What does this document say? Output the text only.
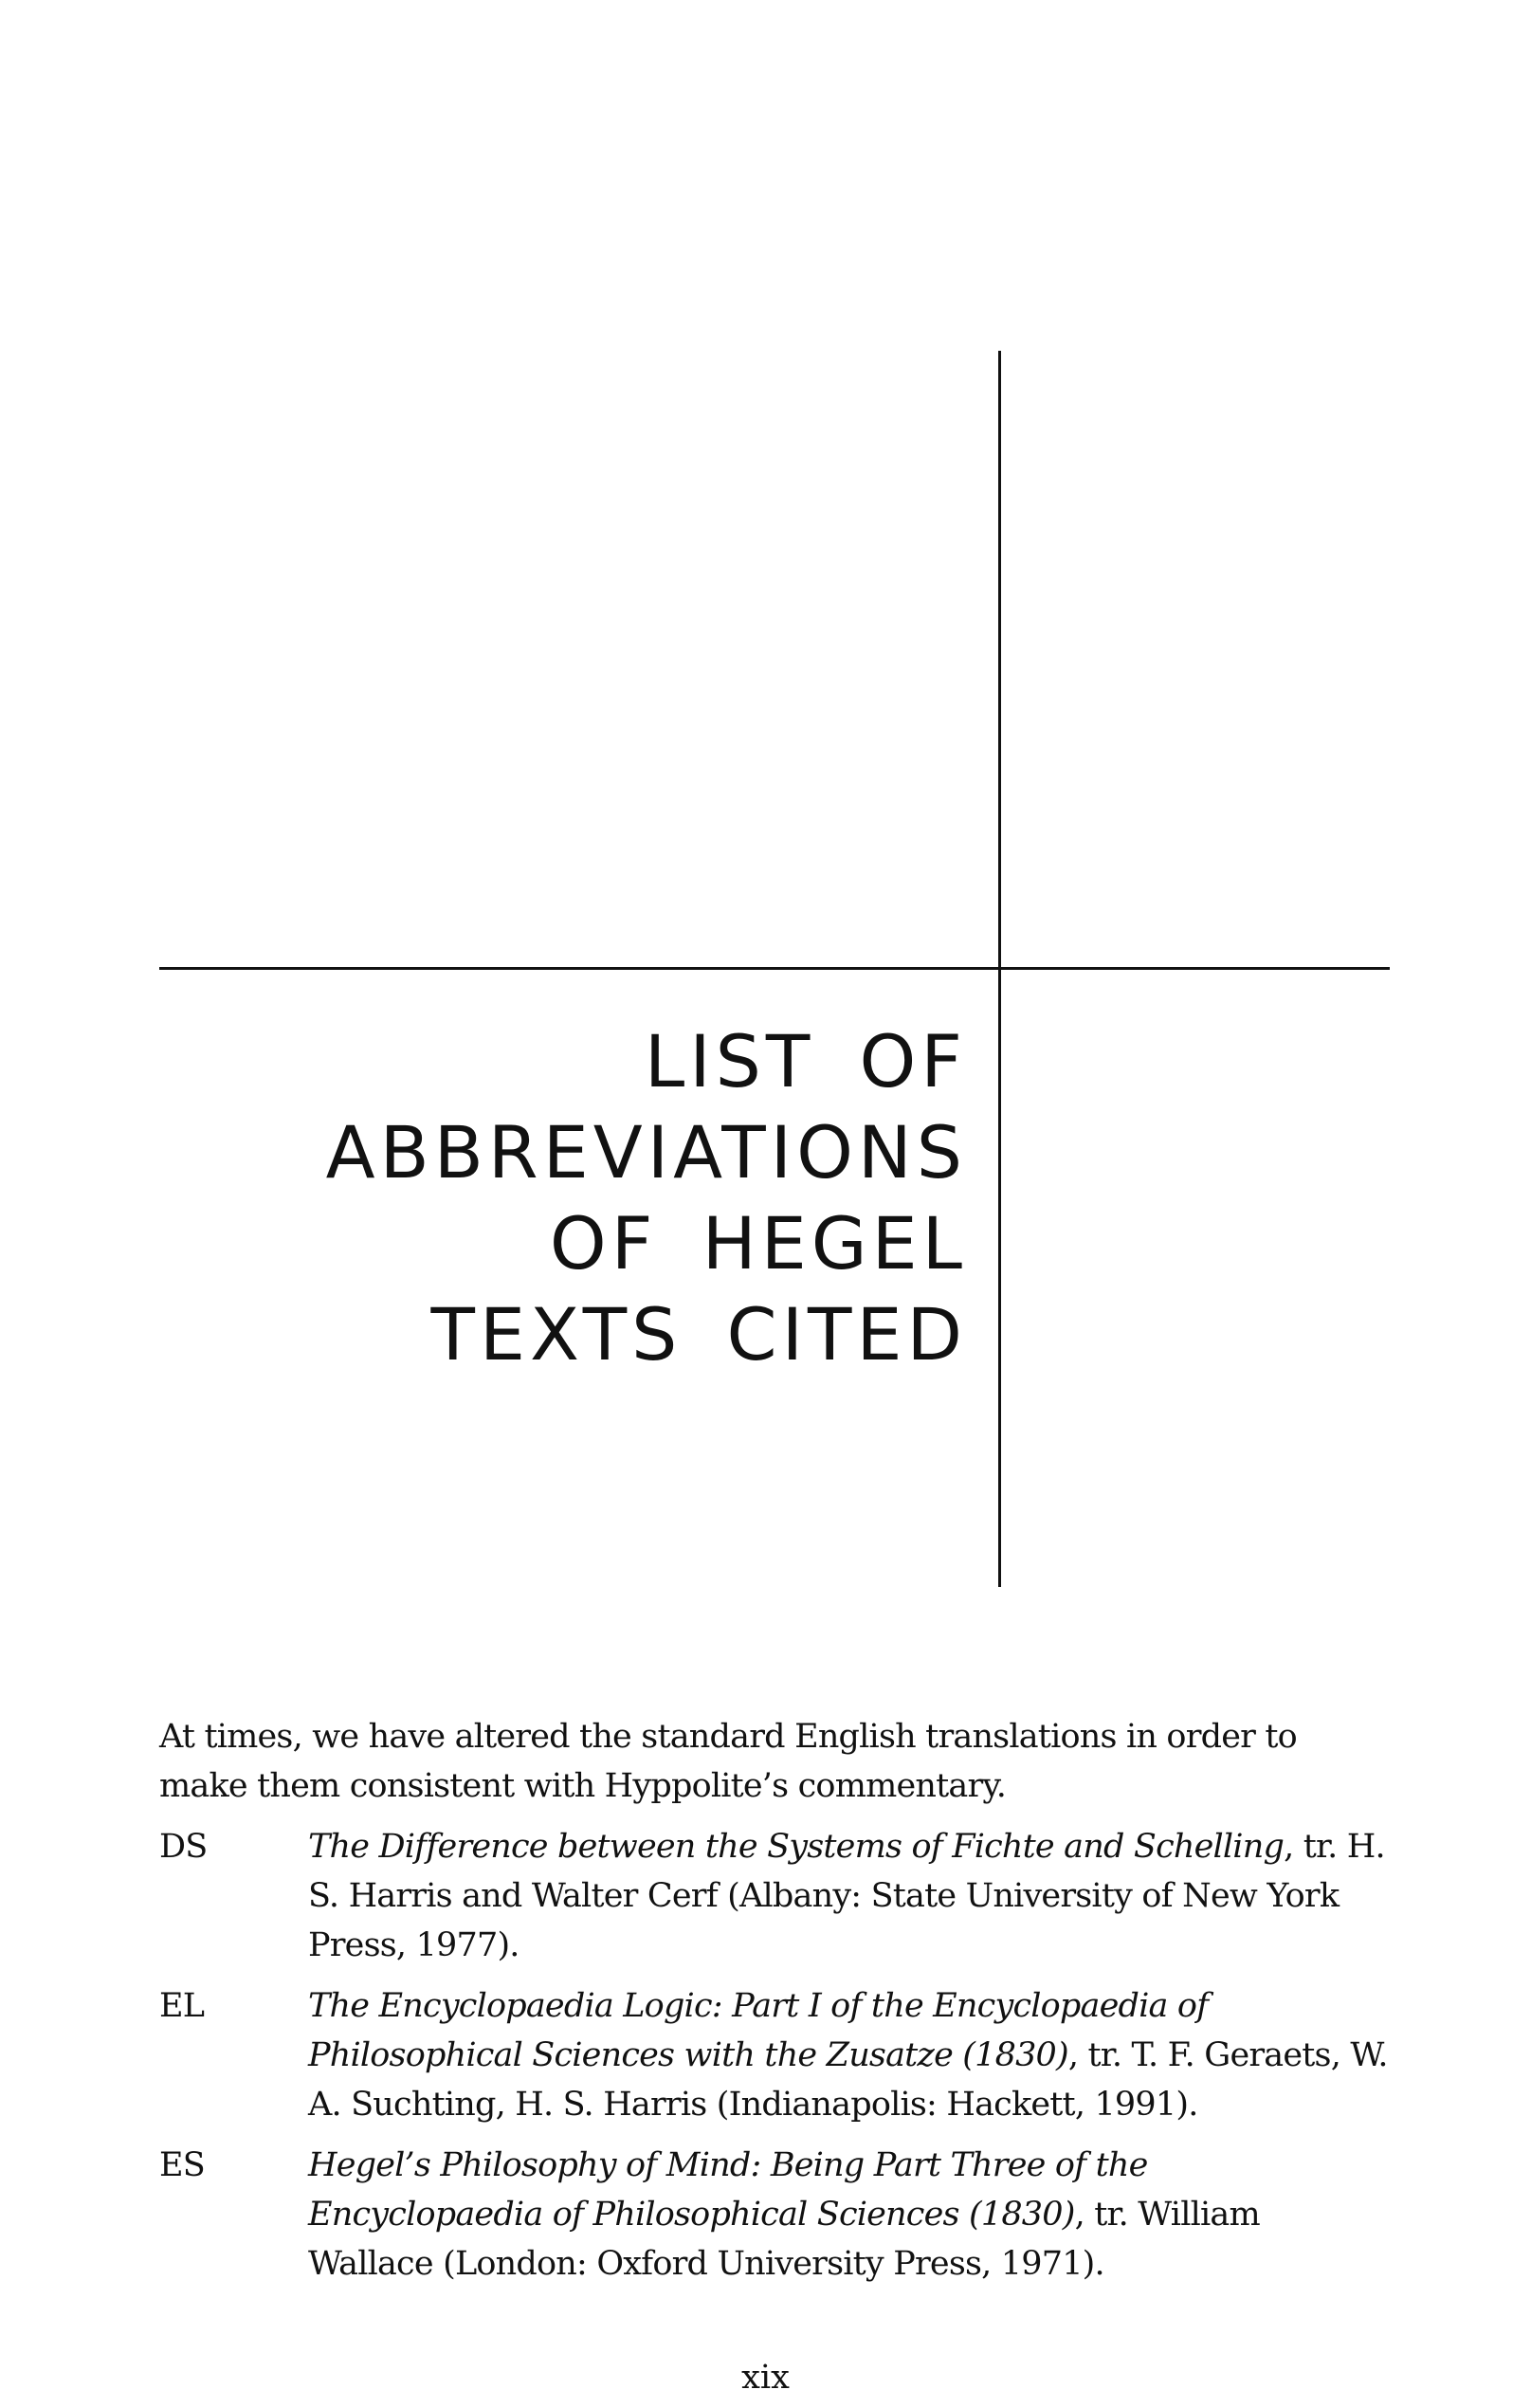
LIST OF
ABBREVIATIONS
OF HEGEL
TEXTS CITED

At times, we have altered the standard English translations in order to make them consistent with Hyppolite’s commentary.

DS	The Difference between the Systems of Fichte and Schelling, tr. H. S. Harris and Walter Cerf (Albany: State University of New York Press, 1977).
EL	The Encyclopaedia Logic: Part I of the Encyclopaedia of Philosophical Sciences with the Zusatze (1830), tr. T. F. Geraets, W. A. Suchting, H. S. Harris (Indianapolis: Hackett, 1991).
ES	Hegel’s Philosophy of Mind: Being Part Three of the Encyclopaedia of Philosophical Sciences (1830), tr. William Wallace (London: Oxford University Press, 1971).
xix
